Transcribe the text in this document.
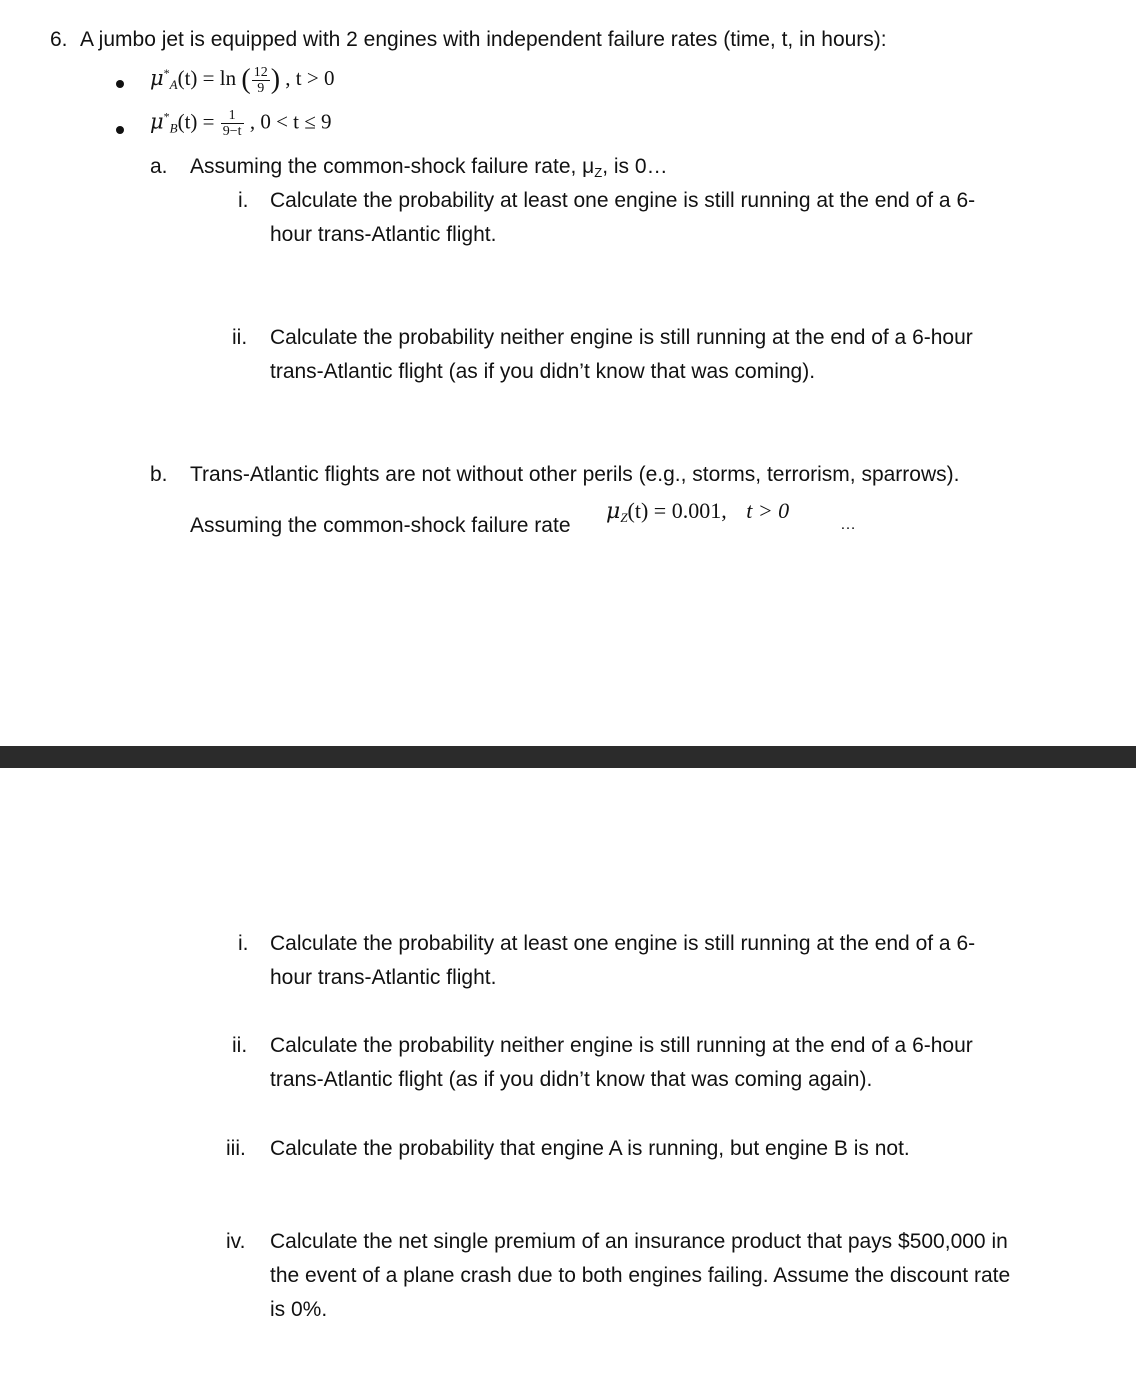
6. A jumbo jet is equipped with 2 engines with independent failure rates (time, t, in hours):
$\mu^*_A(t) = \ln$ ( $\frac{12}{9}$ ) , t > 0
$\mu^*_B(t) = \frac{1}{9-t}$ , 0 < t ≤ 9
a. Assuming the common-shock failure rate, $\mu_Z$, is 0…
i. Calculate the probability at least one engine is still running at the end of a 6-
hour trans-Atlantic flight.
ii. Calculate the probability neither engine is still running at the end of a 6-hour
trans-Atlantic flight (as if you didn’t know that was coming).
b. Trans-Atlantic flights are not without other perils (e.g., storms, terrorism, sparrows).
Assuming the common-shock failure rate
$\mu_Z(t) = 0.001$, t > 0
…
i. Calculate the probability at least one engine is still running at the end of a 6-
hour trans-Atlantic flight.
ii. Calculate the probability neither engine is still running at the end of a 6-hour
trans-Atlantic flight (as if you didn’t know that was coming again).
iii. Calculate the probability that engine A is running, but engine B is not.
iv. Calculate the net single premium of an insurance product that pays $500,000 in
the event of a plane crash due to both engines failing. Assume the discount rate
is 0%.
